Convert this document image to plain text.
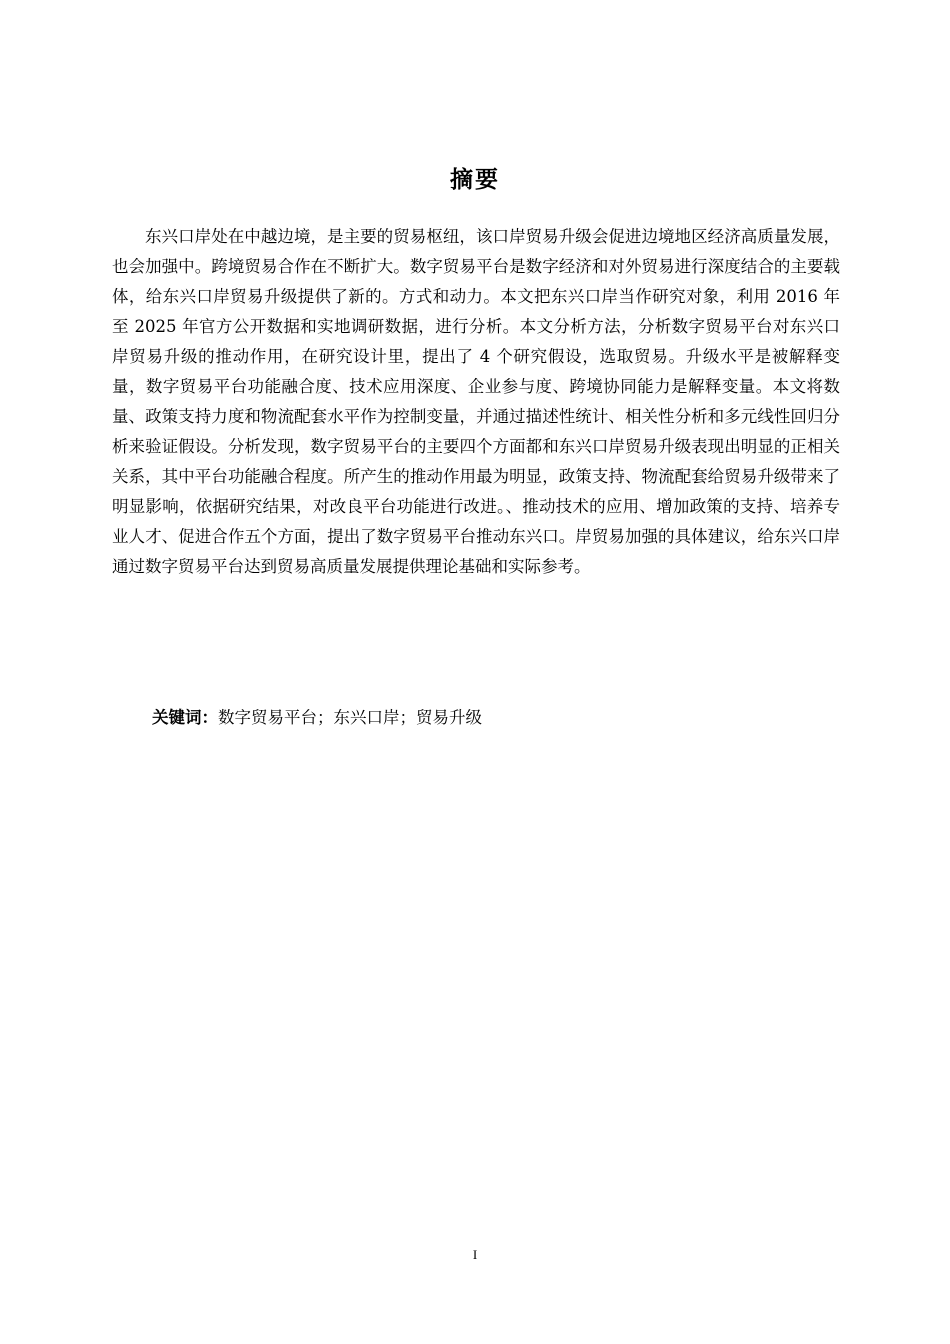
摘要

东兴口岸处在中越边境，是主要的贸易枢纽，该口岸贸易升级会促进边境地区经济高质量发展，也会加强中。跨境贸易合作在不断扩大。数字贸易平台是数字经济和对外贸易进行深度结合的主要载体，给东兴口岸贸易升级提供了新的。方式和动力。本文把东兴口岸当作研究对象，利用 2016 年至 2025 年官方公开数据和实地调研数据，进行分析。本文分析方法，分析数字贸易平台对东兴口岸贸易升级的推动作用，在研究设计里，提出了 4 个研究假设，选取贸易。升级水平是被解释变量，数字贸易平台功能融合度、技术应用深度、企业参与度、跨境协同能力是解释变量。本文将数量、政策支持力度和物流配套水平作为控制变量，并通过描述性统计、相关性分析和多元线性回归分析来验证假设。分析发现，数字贸易平台的主要四个方面都和东兴口岸贸易升级表现出明显的正相关关系，其中平台功能融合程度。所产生的推动作用最为明显，政策支持、物流配套给贸易升级带来了明显影响，依据研究结果，对改良平台功能进行改进。、推动技术的应用、增加政策的支持、培养专业人才、促进合作五个方面，提出了数字贸易平台推动东兴口。岸贸易加强的具体建议，给东兴口岸通过数字贸易平台达到贸易高质量发展提供理论基础和实际参考。

关键词：数字贸易平台；东兴口岸；贸易升级

I
